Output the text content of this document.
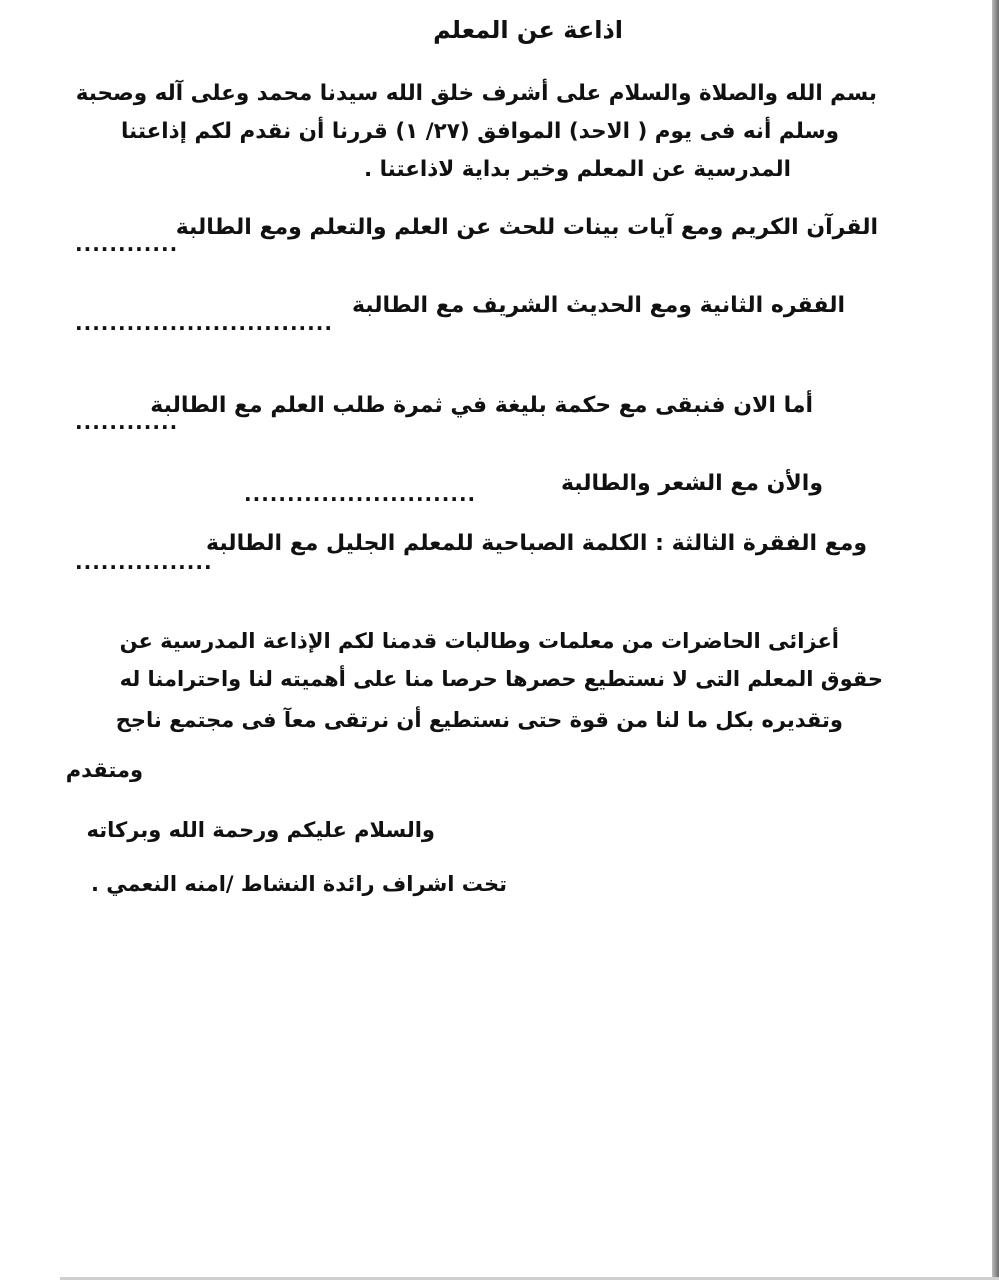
اذاعة عن المعلم
بسم الله والصلاة والسلام على أشرف خلق الله سيدنا محمد وعلى آله وصحبة
وسلم أنه فى يوم ( الاحد) الموافق (٢٧/ ١) قررنا أن نقدم لكم إذاعتنا
المدرسية عن المعلم وخير بداية لاذاعتنا .
القرآن الكريم ومع آيات بينات للحث عن العلم والتعلم ومع الطالبة
............
الفقره الثانية ومع الحديث الشريف مع الطالبة
..............................
أما الان فنبقى مع حكمة بليغة في ثمرة طلب العلم مع الطالبة
............
والأن مع الشعر والطالبة
...........................
ومع الفقرة الثالثة : الكلمة الصباحية للمعلم الجليل مع الطالبة
................
أعزائى الحاضرات من معلمات وطالبات قدمنا لكم الإذاعة المدرسية عن
حقوق المعلم التى لا نستطيع حصرها حرصا منا على أهميته لنا واحترامنا له
وتقديره بكل ما لنا من قوة حتى نستطيع أن نرتقى معآ فى مجتمع ناجح
ومتقدم
والسلام عليكم ورحمة الله وبركاته
تخت اشراف رائدة النشاط /امنه النعمي .
